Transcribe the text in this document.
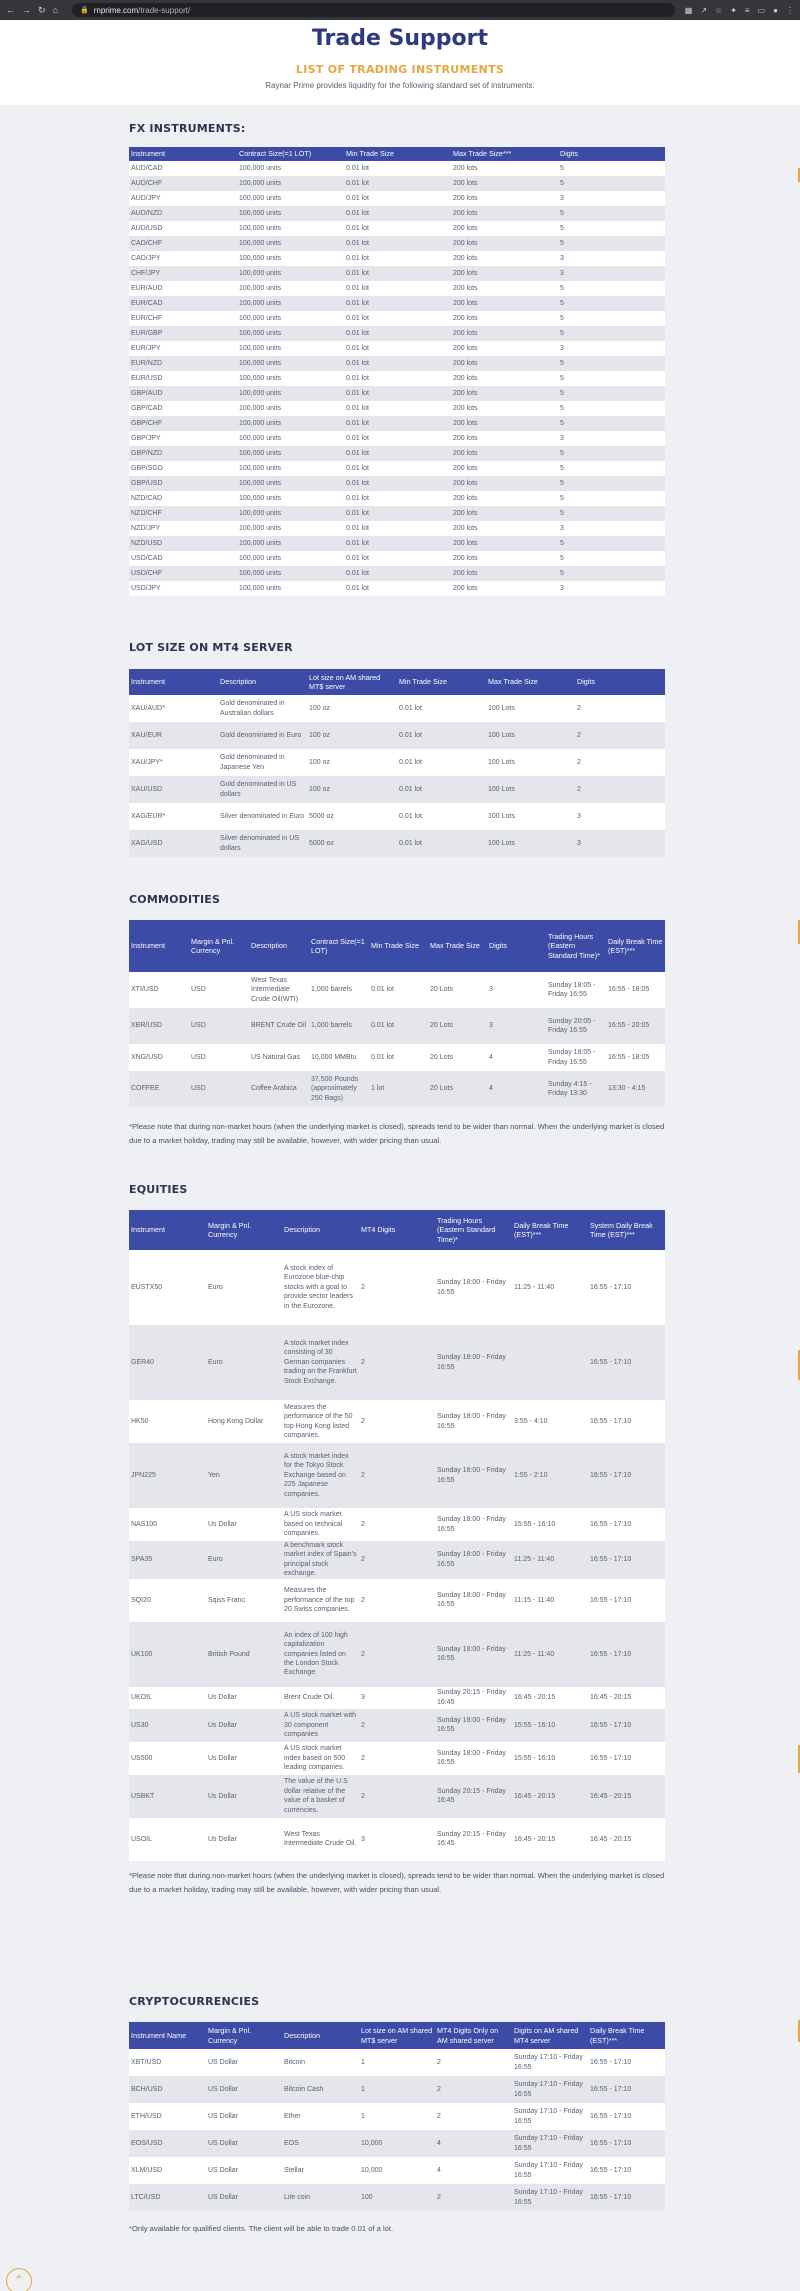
← → ↻ ⌂	🔒 rnprime.com /trade-support/	▦ ↗ ☆ ✦ ≡ ▭ ● ⋮
Trade Support
LIST OF TRADING INSTRUMENTS

Raynar Prime provides liquidity for the following standard set of instruments:

FX INSTRUMENTS:
Instrument	Contract Size(=1 LOT)	Min Trade Size	Max Trade Size***	Digits	
AUD/CAD	100,000 units	0.01 lot	200 lots	5	
AUD/CHF	100,000 units	0.01 lot	200 lots	5	
AUD/JPY	100,000 units	0.01 lot	200 lots	3	
AUD/NZD	100,000 units	0.01 lot	200 lots	5	
AUD/USD	100,000 units	0.01 lot	200 lots	5	
CAD/CHF	100,000 units	0.01 lot	200 lots	5	
CAD/JPY	100,000 units	0.01 lot	200 lots	3	
CHF/JPY	100,000 units	0.01 lot	200 lots	3	
EUR/AUD	100,000 units	0.01 lot	200 lots	5	
EUR/CAD	100,000 units	0.01 lot	200 lots	5	
EUR/CHF	100,000 units	0.01 lot	200 lots	5	
EUR/GBP	100,000 units	0.01 lot	200 lots	5	
EUR/JPY	100,000 units	0.01 lot	200 lots	3	
EUR/NZD	100,000 units	0.01 lot	200 lots	5	
EUR/USD	100,000 units	0.01 lot	200 lots	5	
GBP/AUD	100,000 units	0.01 lot	200 lots	5	
GBP/CAD	100,000 units	0.01 lot	200 lots	5	
GBP/CHF	100,000 units	0.01 lot	200 lots	5	
GBP/JPY	100,000 units	0.01 lot	200 lots	3	
GBP/NZD	100,000 units	0.01 lot	200 lots	5	
GBP/SGD	100,000 units	0.01 lot	200 lots	5	
GBP/USD	100,000 units	0.01 lot	200 lots	5	
NZD/CAD	100,000 units	0.01 lot	200 lots	5	
NZD/CHF	100,000 units	0.01 lot	200 lots	5	
NZD/JPY	100,000 units	0.01 lot	200 lots	3	
NZD/USD	100,000 units	0.01 lot	200 lots	5	
USD/CAD	100,000 units	0.01 lot	200 lots	5	
USD/CHF	100,000 units	0.01 lot	200 lots	5	
USD/JPY	100,000 units	0.01 lot	200 lots	3	
LOT SIZE ON MT4 SERVER
Instrument	Description	Lot size on AM shared MT$ server	Min Trade Size	Max Trade Size	Digits
XAU/AUD*	Gold denominated in Australian dollars	100 oz	0.01 lot	100 Lots	2
XAU/EUR	Gold denominated in Euro	100 oz	0.01 lot	100 Lots	2
XAU/JPY*	Gold denominated in Japanese Yen	100 oz	0.01 lot	100 Lots	2
XAU/USD	Gold denominated in US dollars	100 oz	0.01 lot	100 Lots	2
XAG/EUR*	Silver denominated in Euro	5000 oz	0.01 lot	100 Lots	3
XAG/USD	Silver denominated in US dollars	5000 oz	0.01 lot	100 Lots	3
COMMODITIES
Instrument	Margin & Pnl. Currency	Description	Contract Size(=1 LOT)	Min Trade Size	Max Trade Size	Digits	Trading Hours (Eastern Standard Time)*	Daily Break Time (EST)***
XTI/USD	USD	West Texas Intermediate Crude Oil(WTI)	1,000 barrels	0.01 lot	20 Lots	3	Sunday 18:05 - Friday 16:55	16:55 - 18:05
XBR/USD	USD	BRENT Crude Oil	1,000 barrels	0.01 lot	20 Lots	3	Sunday 20:05 - Friday 16:55	16:55 - 20:05
XNG/USD	USD	US Natural Gas	10,000 MMBtu	0.01 lot	20 Lots	4	Sunday 18:05 - Friday 16:55	16:55 - 18:05
COFFEE	USD	Coffee Arabica	37,500 Pounds (approximately 250 Bags)	1 lot	20 Lots	4	Sunday 4:15 - Friday 13:30	13:30 - 4:15

*Please note that during non-market hours (when the underlying market is closed), spreads tend to be wider than normal. When the underlying market is closed due to a market holiday, trading may still be available, however, with wider pricing than usual.

EQUITIES
Instrument	Margin & Pnl. Currency	Description	MT4 Digits	Trading Hours (Eastern Standard Time)*	Daily Break Time (EST)***	System Daily Break Time (EST)***
EUSTX50	Euro	A stock index of Eurozone blue-chip stocks with a goal to provide sector leaders in the Eurozone.	2	Sunday 18:00 - Friday 16:55	11:25 - 11:40	16:55 - 17:10
GER40	Euro	A stock market index consisting of 30 German companies trading on the Frankfurt Stock Exchange.	2	Sunday 18:00 - Friday 16:55		16:55 - 17:10
HK50	Hong Kong Dollar	Measures the performance of the 50 top Hong Kong listed companies.	2	Sunday 18:00 - Friday 16:55	3:55 - 4:10	16:55 - 17:10
JPN225	Yen	A stock market index for the Tokyo Stock Exchange based on 225 Japanese companies.	2	Sunday 18:00 - Friday 16:55	1:55 - 2:10	16:55 - 17:10
NAS100	Us Dollar	A US stock market based on technical companies.	2	Sunday 18:00 - Friday 16:55	15:55 - 16:10	16:55 - 17:10
SPA35	Euro	A benchmark stock market index of Spain's principal stock exchange.	2	Sunday 18:00 - Friday 16:55	11:25 - 11:40	16:55 - 17:10
SQI20	Sqiss Franc	Measures the performance of the top 20 Swiss companies.	2	Sunday 18:00 - Friday 16:55	11:15 - 11:40	16:55 - 17:10
UK100	British Pound	An index of 100 high capitalization companies listed on the London Stock Exchange.	2	Sunday 18:00 - Friday 16:55	11:25 - 11:40	16:55 - 17:10
UKOIL	Us Dollar	Brent Crude Oil.	3	Sunday 20:15 - Friday 16:45	16:45 - 20:15	16:45 - 20:15
US30	Us Dollar	A US stock market with 30 component companies	2	Sunday 18:00 - Friday 16:55	15:55 - 16:10	16:55 - 17:10
US500	Us Dollar	A US stock market index based on 500 leading companies.	2	Sunday 18:00 - Friday 16:55	15:55 - 16:10	16:55 - 17:10
USBKT	Us Dollar	The value of the U.S dollar relative of the value of a basket of currencies.	2	Sunday 20:15 - Friday 16:45	16:45 - 20:15	16:45 - 20:15
USOIL	Us Dollar	West Texas Intermediate Crude Oil.	3	Sunday 20:15 - Friday 16:45	16:45 - 20:15	16:45 - 20:15

*Please note that during non-market hours (when the underlying market is closed), spreads tend to be wider than normal. When the underlying market is closed due to a market holiday, trading may still be available, however, with wider pricing than usual.

CRYPTOCURRENCIES
Instrument Name	Margin & Pnl. Currency	Description	Lot size on AM shared MT$ server	MT4 Digits Only on AM shared server	Digits on AM shared MT4 server	Daily Break Time (EST)***
XBT/USD	US Dollar	Bitcoin	1	2	Sunday 17:10 - Friday 16:55	16:55 - 17:10
BCH/USD	US Dollar	Bitcoin Cash	1	2	Sunday 17:10 - Friday 16:55	16:55 - 17:10
ETH/USD	US Dollar	Ether	1	2	Sunday 17:10 - Friday 16:55	16:55 - 17:10
EOS/USD	US Dollar	EOS	10,000	4	Sunday 17:10 - Friday 16:55	16:55 - 17:10
XLM/USD	US Dollar	Stellar	10,000	4	Sunday 17:10 - Friday 16:55	16:55 - 17:10
LTC/USD	US Dollar	Lite coin	100	2	Sunday 17:10 - Friday 16:55	16:55 - 17:10

*Only available for qualified clients. The client will be able to trade 0.01 of a lot.

⌃
